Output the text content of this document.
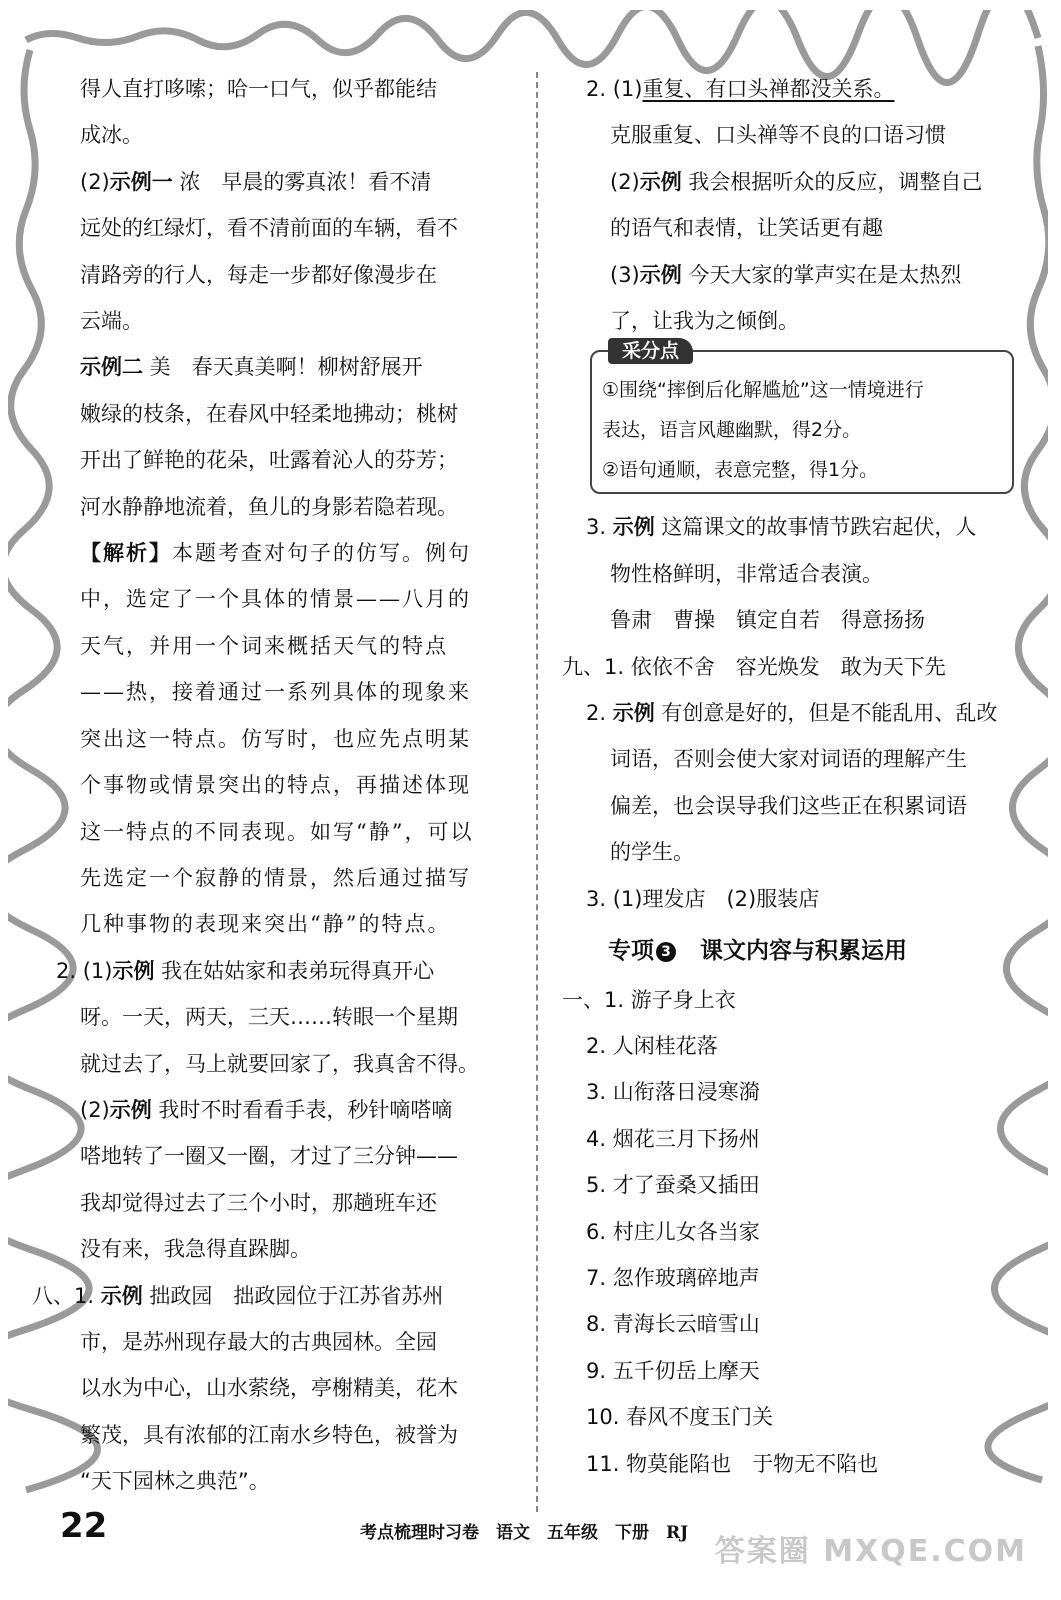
得人直打哆嗦；哈一口气，似乎都能结
成冰。
(2)示例一 浓　早晨的雾真浓！看不清
远处的红绿灯，看不清前面的车辆，看不
清路旁的行人，每走一步都好像漫步在
云端。
示例二 美　春天真美啊！柳树舒展开
嫩绿的枝条，在春风中轻柔地拂动；桃树
开出了鲜艳的花朵，吐露着沁人的芬芳；
河水静静地流着，鱼儿的身影若隐若现。
【解析】本题考查对句子的仿写。例句
中，选定了一个具体的情景——八月的
天气，并用一个词来概括天气的特点
——热，接着通过一系列具体的现象来
突出这一特点。仿写时，也应先点明某
个事物或情景突出的特点，再描述体现
这一特点的不同表现。如写“静”，可以
先选定一个寂静的情景，然后通过描写
几种事物的表现来突出“静”的特点。
2. (1)示例 我在姑姑家和表弟玩得真开心
呀。一天，两天，三天……转眼一个星期
就过去了，马上就要回家了，我真舍不得。
(2)示例 我时不时看看手表，秒针嘀嗒嘀
嗒地转了一圈又一圈，才过了三分钟——
我却觉得过去了三个小时，那趟班车还
没有来，我急得直跺脚。
八、1. 示例 拙政园　拙政园位于江苏省苏州
市，是苏州现存最大的古典园林。全园
以水为中心，山水萦绕，亭榭精美，花木
繁茂，具有浓郁的江南水乡特色，被誉为
“天下园林之典范”。
2. (1)重复、有口头禅都没关系。
克服重复、口头禅等不良的口语习惯
(2)示例 我会根据听众的反应，调整自己
的语气和表情，让笑话更有趣
(3)示例 今天大家的掌声实在是太热烈
了，让我为之倾倒。
采分点
①围绕“摔倒后化解尴尬”这一情境进行
表达，语言风趣幽默，得2分。
②语句通顺，表意完整，得1分。
3. 示例 这篇课文的故事情节跌宕起伏，人
物性格鲜明，非常适合表演。
鲁肃　曹操　镇定自若　得意扬扬
九、1. 依依不舍　容光焕发　敢为天下先
2. 示例 有创意是好的，但是不能乱用、乱改
词语，否则会使大家对词语的理解产生
偏差，也会误导我们这些正在积累词语
的学生。
3. (1)理发店　(2)服装店
专项 3 课文内容与积累运用
一、1. 游子身上衣
2. 人闲桂花落
3. 山衔落日浸寒漪
4. 烟花三月下扬州
5. 才了蚕桑又插田
6. 村庄儿女各当家
7. 忽作玻璃碎地声
8. 青海长云暗雪山
9. 五千仞岳上摩天
10. 春风不度玉门关
11. 物莫能陷也　于物无不陷也
22	考点梳理时习卷　语文　五年级　下册　RJ
答案圈 MXQE.COM
